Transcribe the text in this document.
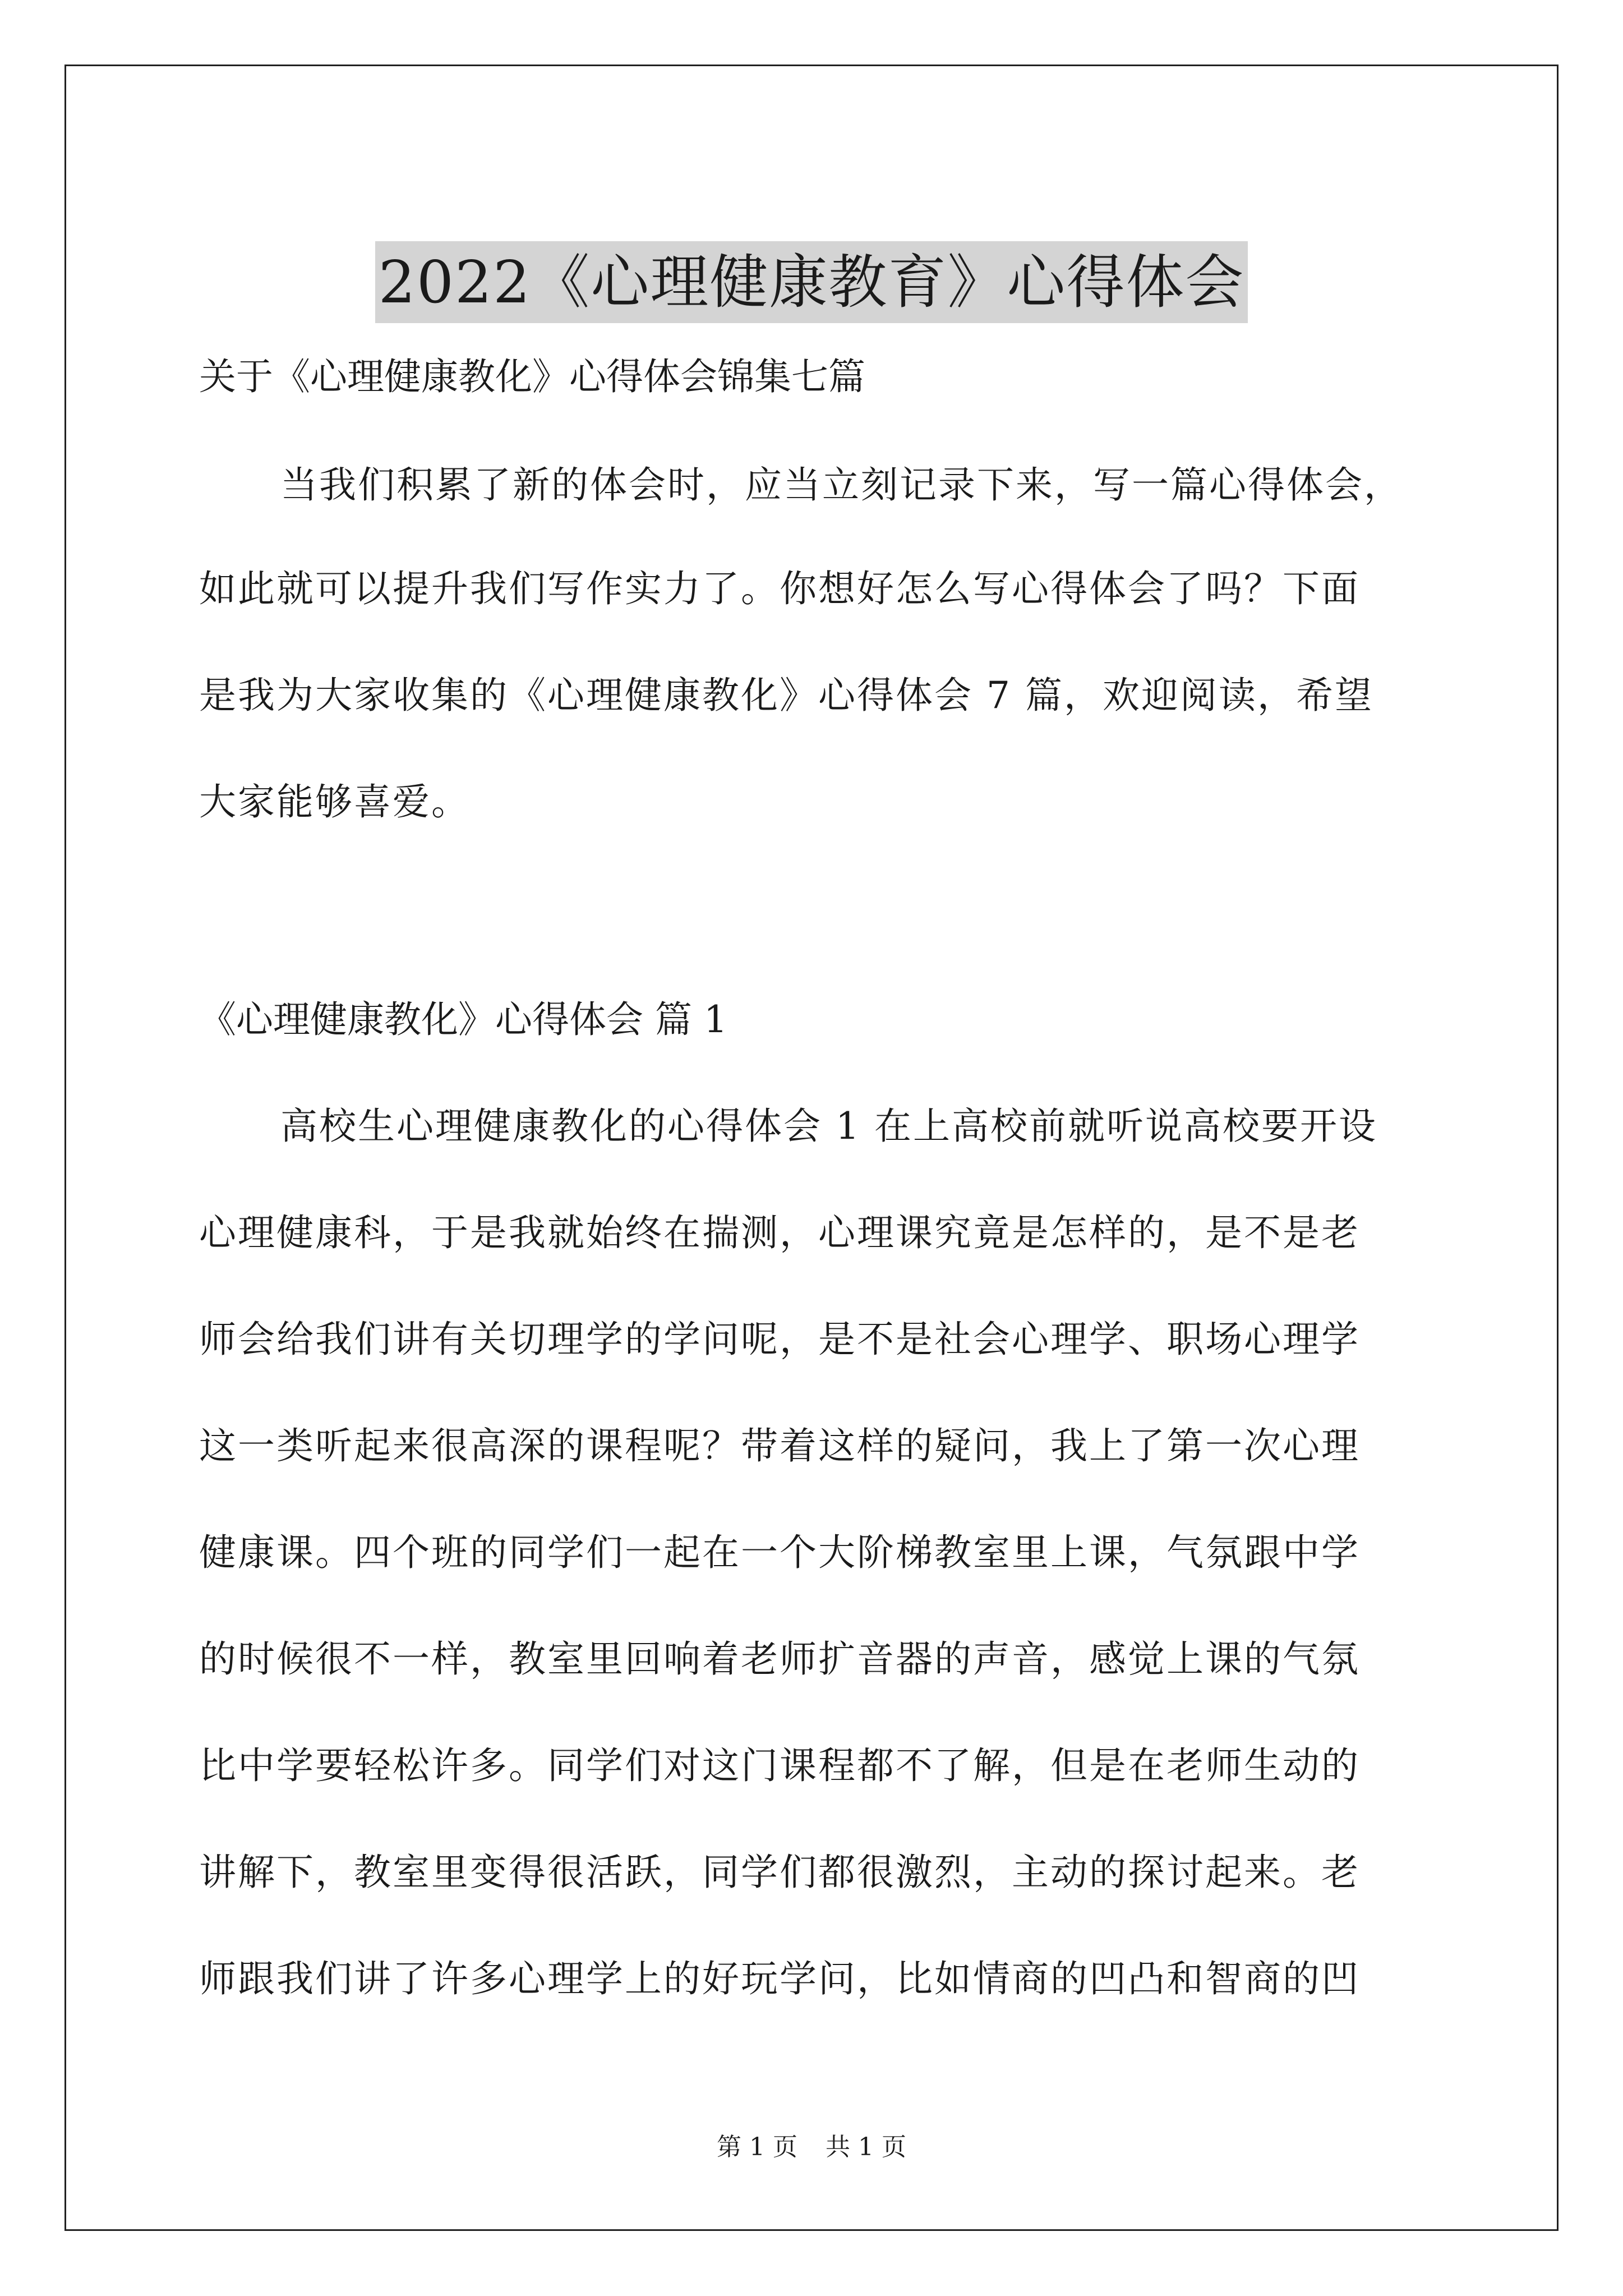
2022《心理健康教育》心得体会
关于《心理健康教化》心得体会锦集七篇
当我们积累了新的体会时，应当立刻记录下来，写一篇心得体会，
如此就可以提升我们写作实力了。你想好怎么写心得体会了吗？下面
是我为大家收集的《心理健康教化》心得体会 7 篇，欢迎阅读，希望
大家能够喜爱。
《心理健康教化》心得体会 篇 1
高校生心理健康教化的心得体会 1 在上高校前就听说高校要开设
心理健康科，于是我就始终在揣测，心理课究竟是怎样的，是不是老
师会给我们讲有关切理学的学问呢，是不是社会心理学、职场心理学
这一类听起来很高深的课程呢？带着这样的疑问，我上了第一次心理
健康课。四个班的同学们一起在一个大阶梯教室里上课，气氛跟中学
的时候很不一样，教室里回响着老师扩音器的声音，感觉上课的气氛
比中学要轻松许多。同学们对这门课程都不了解，但是在老师生动的
讲解下，教室里变得很活跃，同学们都很激烈，主动的探讨起来。老
师跟我们讲了许多心理学上的好玩学问，比如情商的凹凸和智商的凹
第 1 页 共 1 页
